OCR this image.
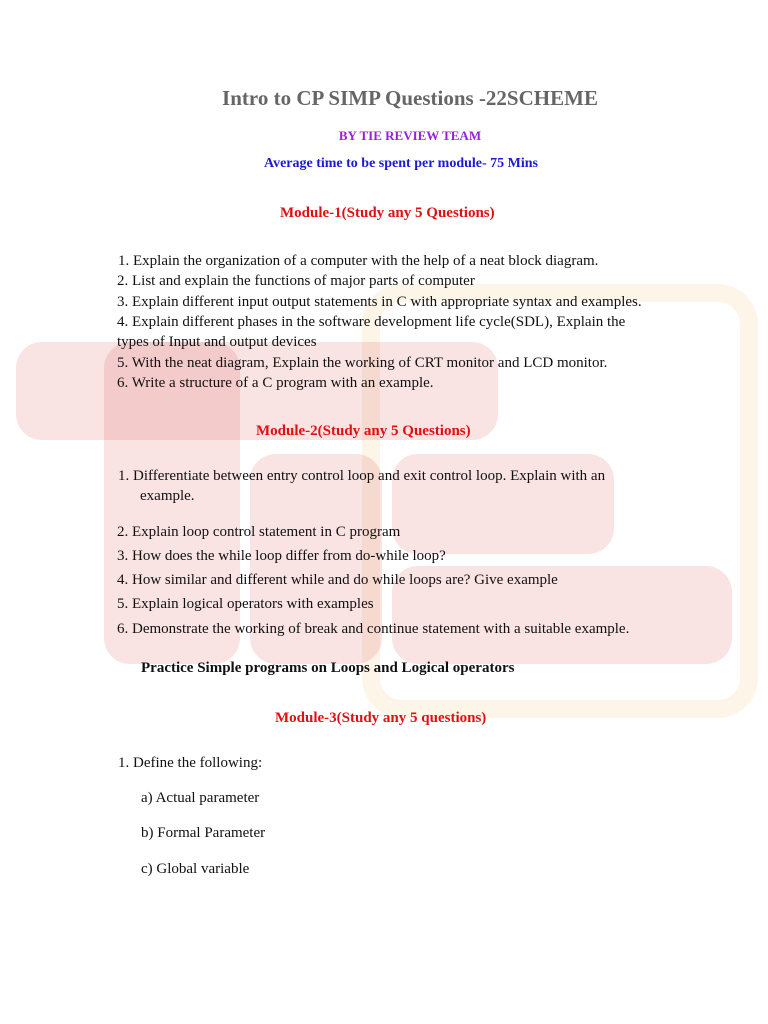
Intro to CP SIMP Questions -22SCHEME
BY TIE REVIEW TEAM
Average time to be spent per module- 75 Mins
Module-1(Study any 5 Questions)
1. Explain the organization of a computer with the help of a neat block diagram.
2. List and explain the functions of major parts of computer
3. Explain different input output statements in C with appropriate syntax and examples.
4. Explain different phases in the software development life cycle(SDL), Explain the
types of Input and output devices
5. With the neat diagram, Explain the working of CRT monitor and LCD monitor.
6. Write a structure of a C program with an example.
Module-2(Study any 5 Questions)
1. Differentiate between entry control loop and exit control loop. Explain with an
example.
2. Explain loop control statement in C program
3. How does the while loop differ from do-while loop?
4. How similar and different while and do while loops are? Give example
5. Explain logical operators with examples
6. Demonstrate the working of break and continue statement with a suitable example.
Practice Simple programs on Loops and Logical operators
Module-3(Study any 5 questions)
1. Define the following:
a) Actual parameter
b) Formal Parameter
c) Global variable
